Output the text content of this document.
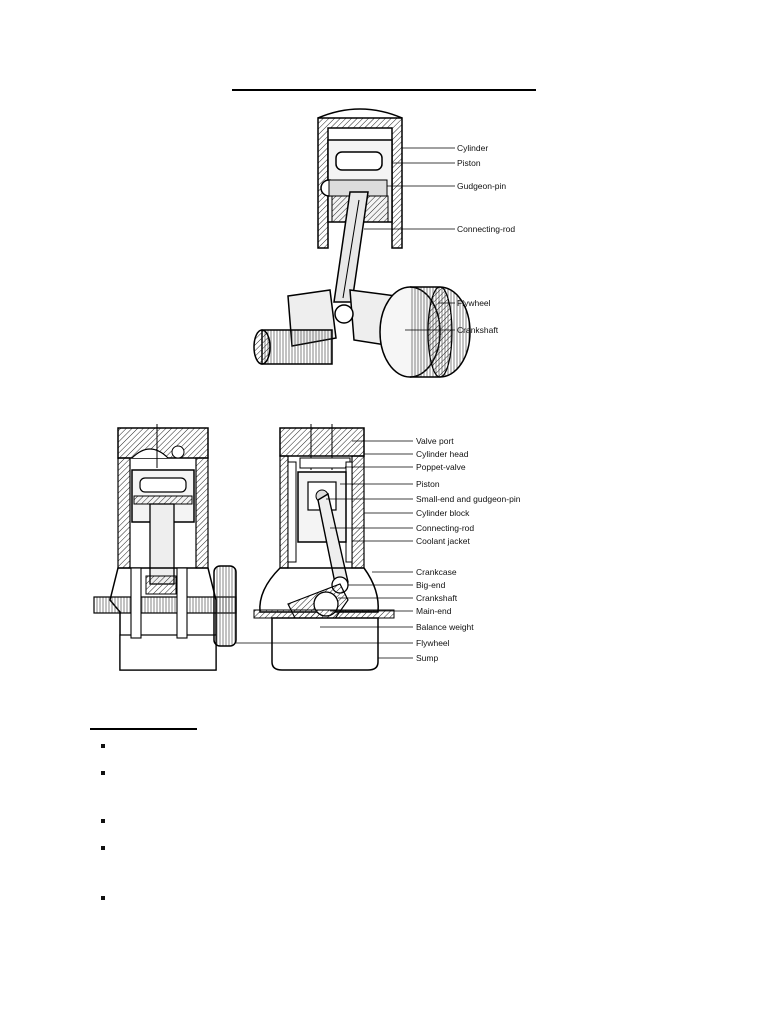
Cylinder
Piston
Gudgeon-pin
Connecting-rod
Flywheel
Crankshaft
Valve port
Cylinder head
Poppet-valve
Piston
Small-end and gudgeon-pin
Cylinder block
Connecting-rod
Coolant jacket
Crankcase
Big-end
Crankshaft
Main-end
Balance weight
Flywheel
Sump
